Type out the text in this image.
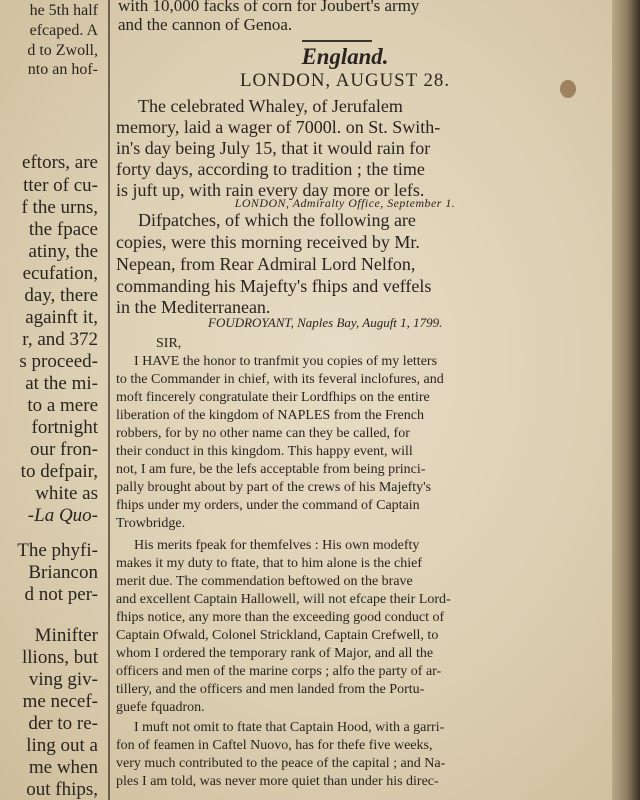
he 5th half
efcaped. A
d to Zwoll,
nto an hof-
eftors, are
tter of cu-
f the urns,
the fpace
atiny, the
ecufation,
day, there
againft it,
r, and 372
s proceed-
at the mi-
to a mere
fortnight
our fron-
to defpair,
white as
-La Quo-
The phyfi-
Briancon
d not per-
Minifter
llions, but
ving giv-
me necef-
der to re-
ling out a
me when
out fhips,
with 10,000 facks of corn for Joubert's army
and the cannon of Genoa.
England.
LONDON, AUGUST 28.
The celebrated Whaley, of Jerufalem
memory, laid a wager of 7000l. on St. Swith-
in's day being July 15, that it would rain for
forty days, according to tradition ; the time
is juft up, with rain every day more or lefs.
LONDON, Admiralty Office, September 1.
Difpatches, of which the following are
copies, were this morning received by Mr.
Nepean, from Rear Admiral Lord Nelfon,
commanding his Majefty's fhips and veffels
in the Mediterranean.
FOUDROYANT, Naples Bay, Auguft 1, 1799.
SIR,
I HAVE the honor to tranfmit you copies of my letters
to the Commander in chief, with its feveral inclofures, and
moft fincerely congratulate their Lordfhips on the entire
liberation of the kingdom of NAPLES from the French
robbers, for by no other name can they be called, for
their conduct in this kingdom. This happy event, will
not, I am fure, be the lefs acceptable from being princi-
pally brought about by part of the crews of his Majefty's
fhips under my orders, under the command of Captain
Trowbridge.
His merits fpeak for themfelves : His own modefty
makes it my duty to ftate, that to him alone is the chief
merit due. The commendation beftowed on the brave
and excellent Captain Hallowell, will not efcape their Lord-
fhips notice, any more than the exceeding good conduct of
Captain Ofwald, Colonel Strickland, Captain Crefwell, to
whom I ordered the temporary rank of Major, and all the
officers and men of the marine corps ; alfo the party of ar-
tillery, and the officers and men landed from the Portu-
guefe fquadron.
I muft not omit to ftate that Captain Hood, with a garri-
fon of feamen in Caftel Nuovo, has for thefe five weeks,
very much contributed to the peace of the capital ; and Na-
ples I am told, was never more quiet than under his direc-
